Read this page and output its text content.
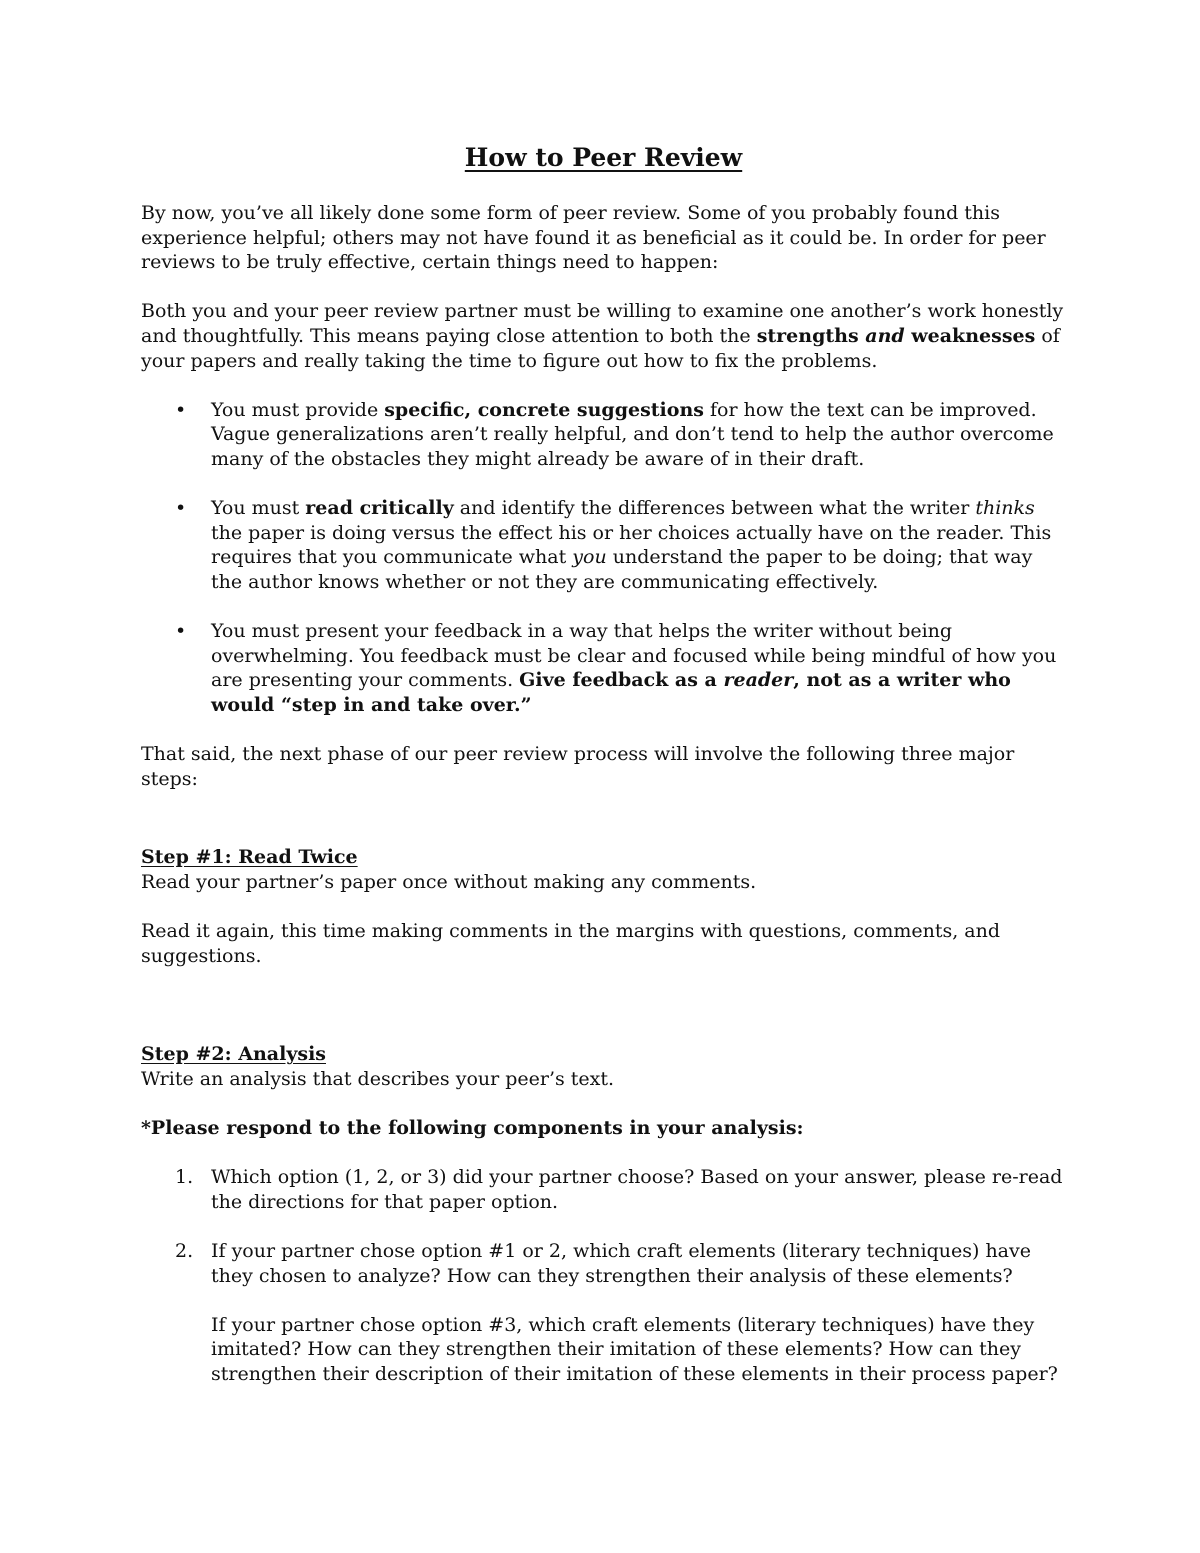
How to Peer Review

By now, you’ve all likely done some form of peer review. Some of you probably found this experience helpful; others may not have found it as beneficial as it could be. In order for peer reviews to be truly effective, certain things need to happen:

Both you and your peer review partner must be willing to examine one another’s work honestly and thoughtfully. This means paying close attention to both the strengths and weaknesses of your papers and really taking the time to figure out how to fix the problems.

• You must provide specific, concrete suggestions for how the text can be improved. Vague generalizations aren’t really helpful, and don’t tend to help the author overcome many of the obstacles they might already be aware of in their draft.
• You must read critically and identify the differences between what the writer thinks the paper is doing versus the effect his or her choices actually have on the reader. This requires that you communicate what you understand the paper to be doing; that way the author knows whether or not they are communicating effectively.
• You must present your feedback in a way that helps the writer without being overwhelming. You feedback must be clear and focused while being mindful of how you are presenting your comments. Give feedback as a reader, not as a writer who would “step in and take over.”

That said, the next phase of our peer review process will involve the following three major steps:

Step #1: Read Twice

Read your partner’s paper once without making any comments.

Read it again, this time making comments in the margins with questions, comments, and suggestions.

Step #2: Analysis

Write an analysis that describes your peer’s text.

*Please respond to the following components in your analysis:

1. Which option (1, 2, or 3) did your partner choose? Based on your answer, please re-read the directions for that paper option.
2. If your partner chose option #1 or 2, which craft elements (literary techniques) have they chosen to analyze? How can they strengthen their analysis of these elements?

If your partner chose option #3, which craft elements (literary techniques) have they imitated? How can they strengthen their imitation of these elements? How can they strengthen their description of their imitation of these elements in their process paper?
